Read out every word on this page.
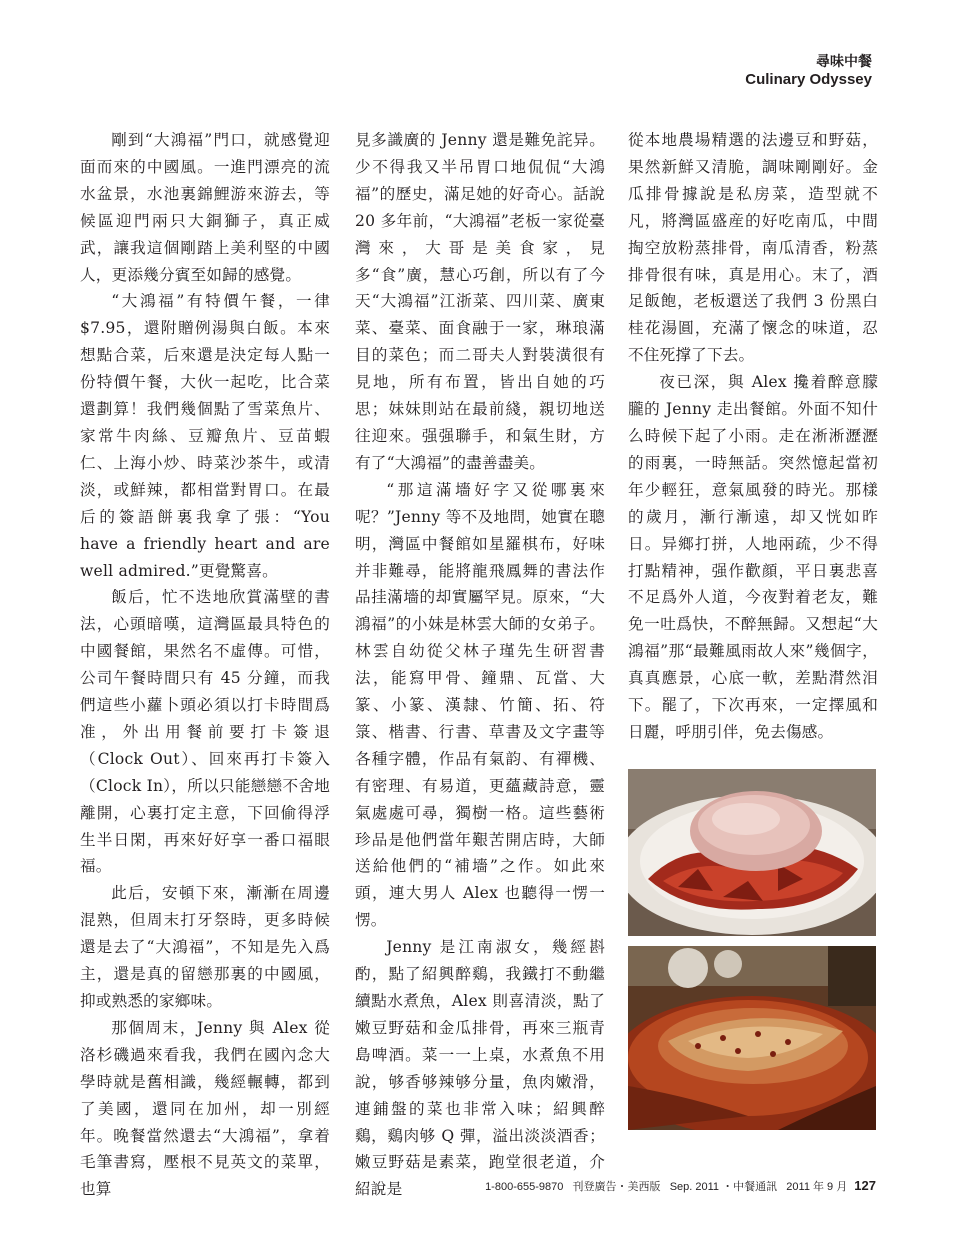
尋味中餐
Culinary Odyssey

剛到“大鴻福”門口，就感覺迎面而來的中國風。一進門漂亮的流水盆景，水池裏錦鯉游來游去，等候區迎門兩只大銅獅子，真正威武，讓我這個剛踏上美利堅的中國人，更添幾分賓至如歸的感覺。

“大鴻福”有特價午餐，一律 $7.95，還附贈例湯與白飯。本來想點合菜，后來還是決定每人點一份特價午餐，大伙一起吃，比合菜還劃算！我們幾個點了雪菜魚片、家常牛肉絲、豆瓣魚片、豆苗蝦仁、上海小炒、時菜沙茶牛，或清淡，或鮮辣，都相當對胃口。在最后的簽語餅裏我拿了張：“You have a friendly heart and are well admired.”更覺驚喜。

飯后，忙不迭地欣賞滿壁的書法，心頭暗嘆，這灣區最具特色的中國餐館，果然名不虛傳。可惜，公司午餐時間只有 45 分鐘，而我們這些小蘿卜頭必須以打卡時間爲准，外出用餐前要打卡簽退（Clock Out）、回來再打卡簽入（Clock In），所以只能戀戀不舍地離開，心裏打定主意，下回偷得浮生半日閑，再來好好享一番口福眼福。

此后，安頓下來，漸漸在周邊混熟，但周末打牙祭時，更多時候還是去了“大鴻福”，不知是先入爲主，還是真的留戀那裏的中國風，抑或熟悉的家鄉味。

那個周末，Jenny 與 Alex 從洛杉磯過來看我，我們在國內念大學時就是舊相識，幾經輾轉，都到了美國，還同在加州，却一別經年。晚餐當然還去“大鴻福”，拿着毛筆書寫，壓根不見英文的菜單，也算

見多識廣的 Jenny 還是難免詫异。少不得我又半吊胃口地侃侃“大鴻福”的歷史，滿足她的好奇心。話說 20 多年前，“大鴻福”老板一家從臺灣來，大哥是美食家，見多“食”廣，慧心巧創，所以有了今天“大鴻福”江浙菜、四川菜、廣東菜、臺菜、面食融于一家，琳琅滿目的菜色；而二哥夫人對裝潢很有見地，所有布置，皆出自她的巧思；妹妹則站在最前綫，親切地送往迎來。强强聯手，和氣生財，方有了“大鴻福”的盡善盡美。

“那這滿墻好字又從哪裏來呢？”Jenny 等不及地問，她實在聰明，灣區中餐館如星羅棋布，好味并非難尋，能將龍飛鳳舞的書法作品挂滿墻的却實屬罕見。原來，“大鴻福”的小妹是林雲大師的女弟子。林雲自幼從父林子瑾先生研習書法，能寫甲骨、鐘鼎、瓦當、大篆、小篆、漢隸、竹簡、拓、符箓、楷書、行書、草書及文字畫等各種字體，作品有氣韵、有禪機、有密理、有易道，更蘊藏詩意，靈氣處處可尋，獨樹一格。這些藝術珍品是他們當年艱苦開店時，大師送給他們的“補墻”之作。如此來頭，連大男人 Alex 也聽得一愣一愣。

Jenny 是江南淑女，幾經斟酌，點了紹興醉鷄，我鐵打不動繼續點水煮魚，Alex 則喜清淡，點了嫩豆野菇和金瓜排骨，再來三瓶青島啤酒。菜一一上桌，水煮魚不用說，够香够辣够分量，魚肉嫩滑，連鋪盤的菜也非常入味；紹興醉鷄，鷄肉够 Q 彈，溢出淡淡酒香；嫩豆野菇是素菜，跑堂很老道，介紹說是

從本地農場精選的法邊豆和野菇，果然新鮮又清脆，調味剛剛好。金瓜排骨據說是私房菜，造型就不凡，將灣區盛産的好吃南瓜，中間掏空放粉蒸排骨，南瓜清香，粉蒸排骨很有味，真是用心。末了，酒足飯飽，老板還送了我們 3 份黑白桂花湯圓，充滿了懷念的味道，忍不住死撑了下去。

夜已深，與 Alex 攙着醉意朦朧的 Jenny 走出餐館。外面不知什么時候下起了小雨。走在淅淅瀝瀝的雨裏，一時無話。突然憶起當初年少輕狂，意氣風發的時光。那樣的歲月，漸行漸遠，却又恍如昨日。异鄉打拼，人地兩疏，少不得打點精神，强作歡顔，平日裏悲喜不足爲外人道，今夜對着老友，難免一吐爲快，不醉無歸。又想起“大鴻福”那“最難風雨故人來”幾個字，真真應景，心底一軟，差點潸然泪下。罷了，下次再來，一定擇風和日麗，呼朋引伴，免去傷感。

1-800-655-9870 刊登廣告・美西版 Sep. 2011 ・中餐通訊 2011 年 9 月 127
